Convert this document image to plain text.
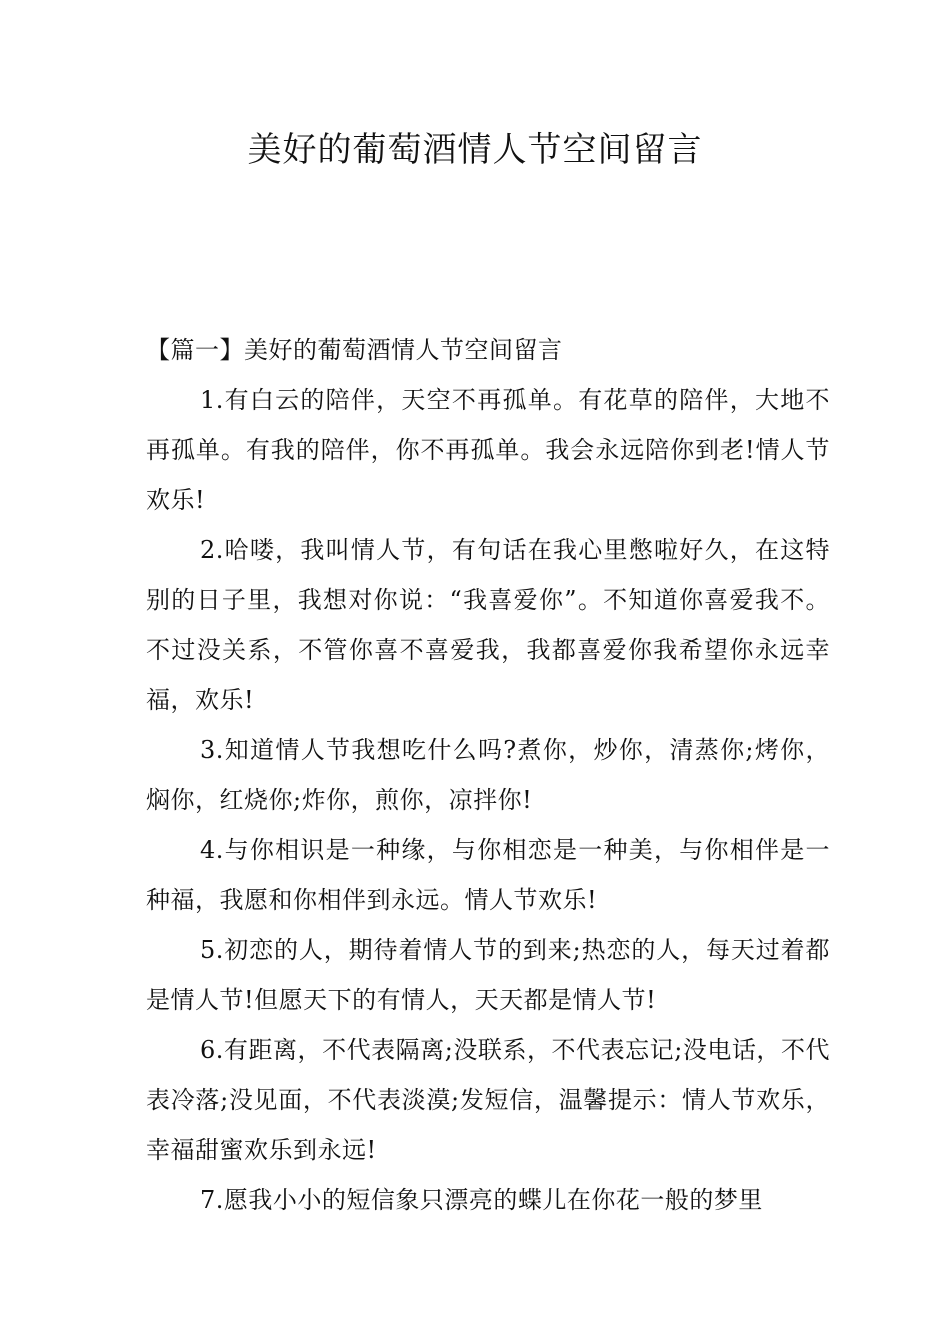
美好的葡萄酒情人节空间留言

【篇一】美好的葡萄酒情人节空间留言

1.有白云的陪伴，天空不再孤单。有花草的陪伴，大地不再孤单。有我的陪伴，你不再孤单。我会永远陪你到老!情人节欢乐!

2.哈喽，我叫情人节，有句话在我心里憋啦好久，在这特别的日子里，我想对你说：“我喜爱你”。不知道你喜爱我不。不过没关系，不管你喜不喜爱我，我都喜爱你我希望你永远幸福，欢乐!

3.知道情人节我想吃什么吗?煮你，炒你，清蒸你;烤你，焖你，红烧你;炸你，煎你，凉拌你!

4.与你相识是一种缘，与你相恋是一种美，与你相伴是一种福，我愿和你相伴到永远。情人节欢乐!

5.初恋的人，期待着情人节的到来;热恋的人，每天过着都是情人节!但愿天下的有情人，天天都是情人节!

6.有距离，不代表隔离;没联系，不代表忘记;没电话，不代表冷落;没见面，不代表淡漠;发短信，温馨提示：情人节欢乐，幸福甜蜜欢乐到永远!

7.愿我小小的短信象只漂亮的蝶儿在你花一般的梦里
